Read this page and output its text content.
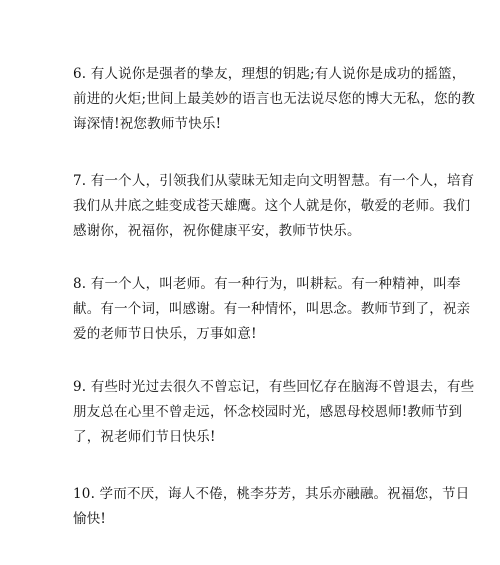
6. 有人说你是强者的挚友，理想的钥匙;有人说你是成功的摇篮，
前进的火炬;世间上最美妙的语言也无法说尽您的博大无私，您的教
诲深情!祝您教师节快乐!
7. 有一个人，引领我们从蒙昧无知走向文明智慧。有一个人，培育
我们从井底之蛙变成苍天雄鹰。这个人就是你，敬爱的老师。我们
感谢你，祝福你，祝你健康平安，教师节快乐。
8. 有一个人，叫老师。有一种行为，叫耕耘。有一种精神，叫奉
献。有一个词，叫感谢。有一种情怀，叫思念。教师节到了，祝亲
爱的老师节日快乐，万事如意!
9. 有些时光过去很久不曾忘记，有些回忆存在脑海不曾退去，有些
朋友总在心里不曾走远，怀念校园时光，感恩母校恩师!教师节到
了，祝老师们节日快乐!
10. 学而不厌，诲人不倦，桃李芬芳，其乐亦融融。祝福您，节日
愉快!
